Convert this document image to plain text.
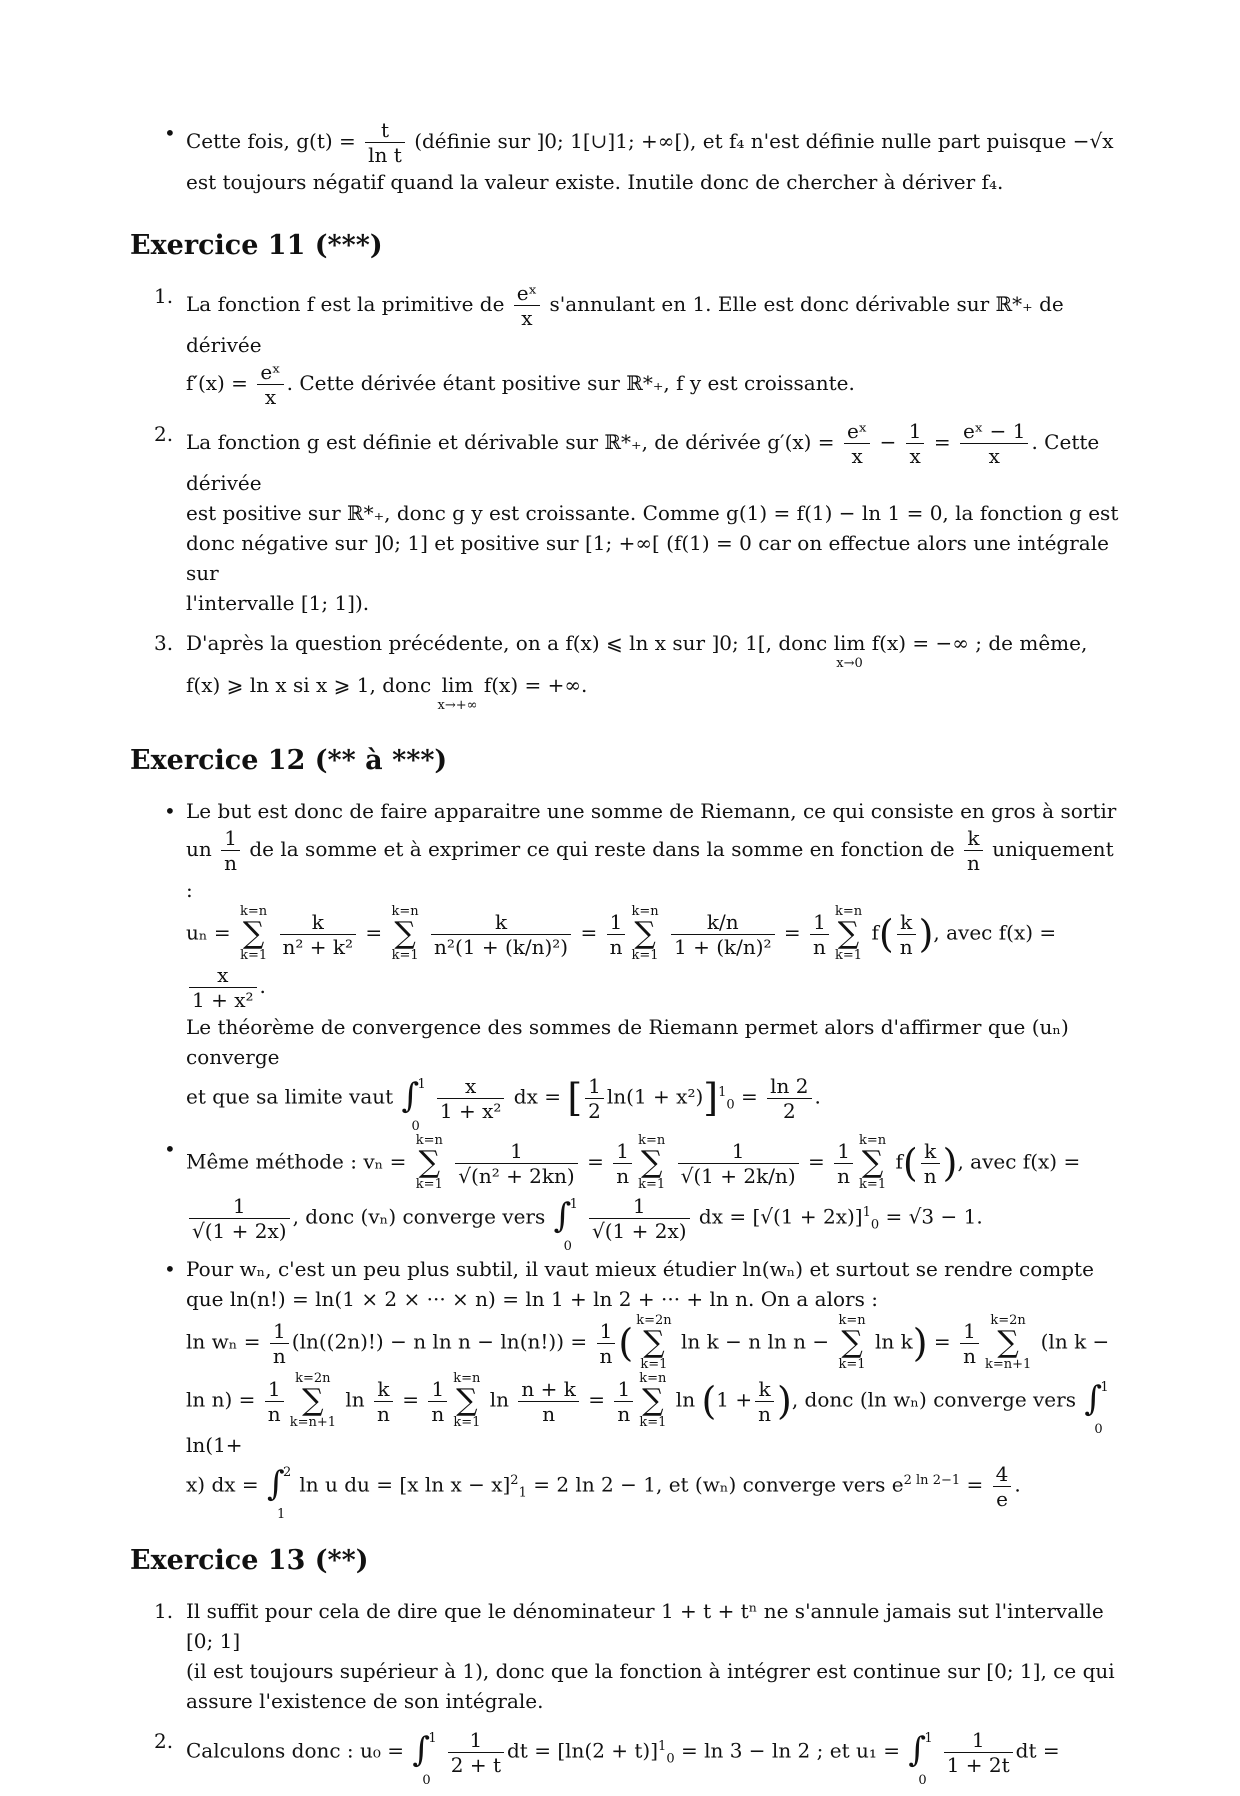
• Cette fois, $g(t) = \frac{t}{\text{ln t}}$ (définie sur ]0; 1[∪]1; +∞[), et f₄ n'est définie nulle part puisque −√x

est toujours négatif quand la valeur existe. Inutile donc de chercher à dériver f₄.

Exercice 11 (***)
1. La fonction f est la primitive de $\frac{\text{eˣ}}{x}$ s'annulant en 1. Elle est donc dérivable sur ℝ*₊ de dérivée

$f'(x) = \frac{\text{eˣ}}{x}$ . Cette dérivée étant positive sur ℝ*₊, f y est croissante.

2. La fonction g est définie et dérivable sur ℝ*₊, de dérivée $g'(x) = \frac{\text{eˣ}}{x} - \frac{1}{x} = \frac{\text{eˣ − 1}}{x}$ . Cette dérivée

est positive sur ℝ*₊, donc g y est croissante. Comme g(1) = f(1) − ln 1 = 0, la fonction g est

donc négative sur ]0; 1] et positive sur [1; +∞[ (f(1) = 0 car on effectue alors une intégrale sur

l'intervalle [1; 1]).

3. D'après la question précédente, on a f(x) ⩽ ln x sur ]0; 1[, donc lim
x→0
f(x) = −∞ ; de même,

f(x) ⩾ ln x si x ⩾ 1, donc lim
x→+∞
f(x) = +∞.

Exercice 12 (** à ***)
• Le but est donc de faire apparaitre une somme de Riemann, ce qui consiste en gros à sortir

un $\frac{1}{n}$ de la somme et à exprimer ce qui reste dans la somme en fonction de $\frac{k}{n}$ uniquement :

uₙ =
k=n
∑
k=1
$\frac{k}{\text{n² + k²}}$ =
k=n
∑
k=1
$\frac{k}{\text{n²(1 + (k/n)²)}} = \frac{1}{n} k=n$
∑
k=1
$\frac{k/n}{\text{1 + (k/n)²}} = \frac{1}{n} k=n$
∑
k=1
$f( \frac{k}{n}$ ), avec f(x) =
$\frac{x}{\text{1 + x²}}$ .

Le théorème de convergence des sommes de Riemann permet alors d'affirmer que (uₙ) converge

et que sa limite vaut ∫
1
0

$\frac{x}{\text{1 + x²}}$ dx = [ $\frac{1}{2} \ln(1 + x^2)]^1_0 = \frac{\ln 2}{2}$ .

•

Même méthode : vₙ =
k=n
∑
k=1
$\frac{1}{\text{√(n² + 2kn)}} = \frac{1}{n} k=n$
∑
k=1
$\frac{1}{√(1 + 2k/n)} = \frac{1}{n} k=n$
∑
k=1
$f( \frac{k}{n}$ ), avec f(x) =

$\frac{1}{√(1 + 2x)}$ , donc (vₙ) converge vers ∫
1
0

$\frac{1}{√(1 + 2x)}$ dx = $[√(1 + 2x)]^1_0 = √3 - 1$.

• Pour wₙ, c'est un peu plus subtil, il vaut mieux étudier ln(wₙ) et surtout se rendre compte

que ln(n!) = ln(1 × 2 × ··· × n) = ln 1 + ln 2 + ··· + ln n. On a alors :

$\ln w_n = \frac{1}{n} (\ln((2n)!) - n$ $\ln n - \ln(n!)) = \frac{1}{n}$ (
k=2n
∑
k=1
ln k − n ln n −
k=n
∑
k=1
$\ln k) = \frac{1}{n} k=2n$
∑
k=n+1
(ln k −

$\ln n) = \frac{1}{n} k=2n$
∑
k=n+1
$\ln \frac{k}{n} = \frac{1}{n} k=n$
∑
k=1
$\ln \frac{n + k}{n} = \frac{1}{n} k=n$
∑
k=1
$\ln (1 + \frac{k}{n}$ ), donc (ln wₙ) converge vers ∫
1
0
ln(1+

x) dx = ∫
2
1
ln u du = [x ln x − x]$^2_1$ = 2 ln 2 − 1, et (wₙ) converge vers $e^{2 ln 2-1} = \frac{4}{e}$ .

Exercice 13 (**)
1. Il suffit pour cela de dire que le dénominateur 1 + t + tⁿ ne s'annule jamais sut l'intervalle [0; 1]

(il est toujours supérieur à 1), donc que la fonction à intégrer est continue sur [0; 1], ce qui

assure l'existence de son intégrale.

2. Calculons donc : u₀ = ∫
1
0

$\frac{1}{2 + t}$ dt = $[\ln(2 + t)]^1_0 = \ln 3 - \ln 2$ ; et u₁ = ∫
1
0

$\frac{1}{1 + 2t}$ dt =
